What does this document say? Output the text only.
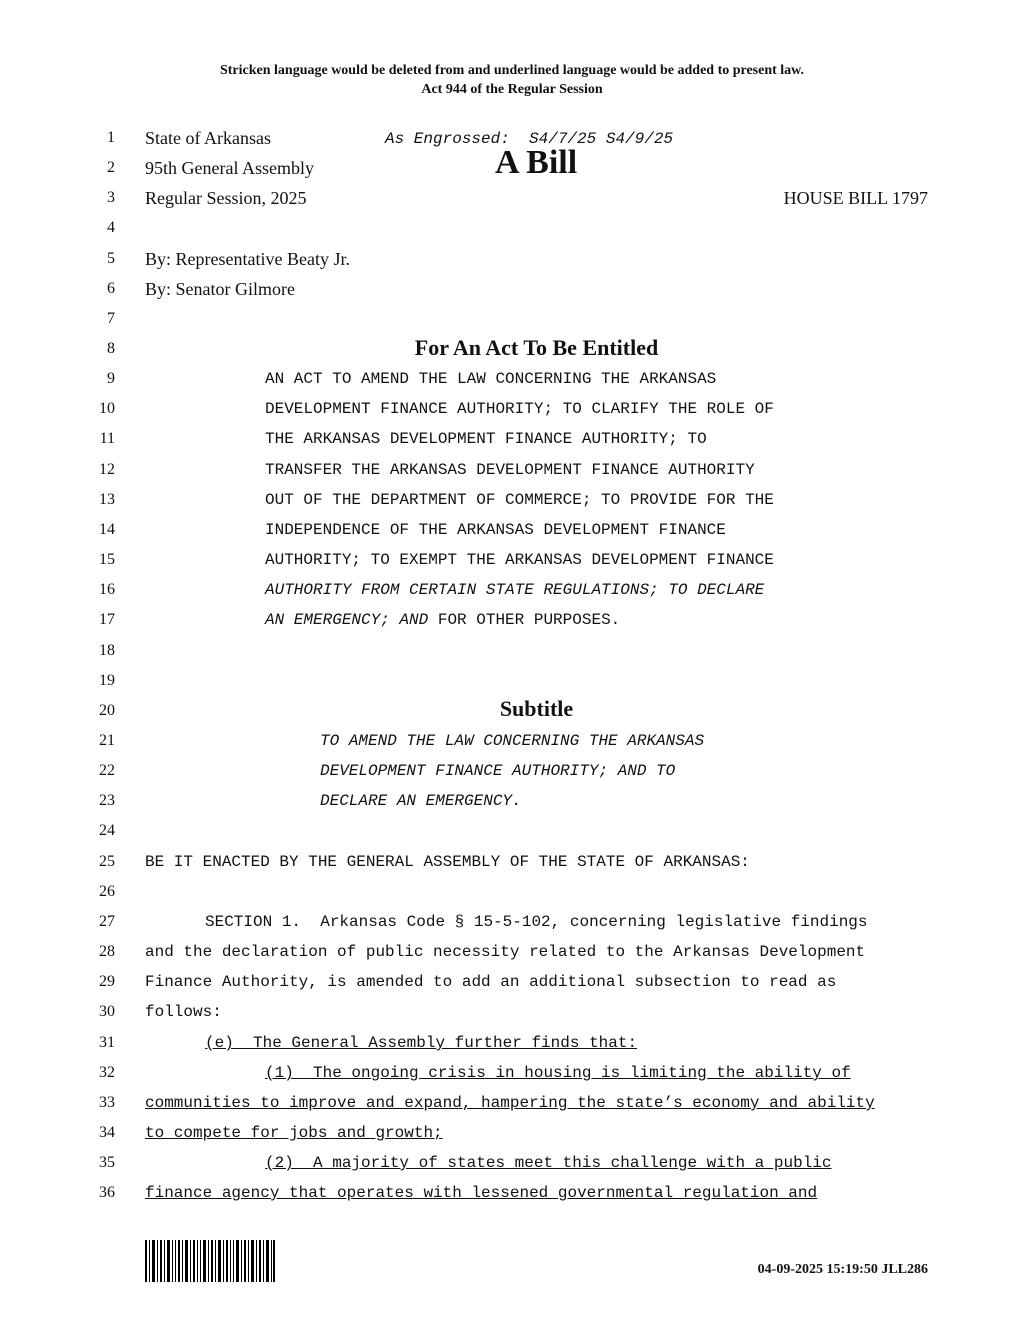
Stricken language would be deleted from and underlined language would be added to present law.
Act 944 of the Regular Session
1
2
3
4
5
6
7
8
9
10
11
12
13
14
15
16
17
18
19
20
21
22
23
24
25
26
27
28
29
30
31
32
33
34
35
36
State of Arkansas	As Engrossed:  S4/7/25 S4/9/25
95th General Assembly	A Bill
Regular Session, 2025	HOUSE BILL 1797
By: Representative Beaty Jr.
By: Senator Gilmore
For An Act To Be Entitled
AN ACT TO AMEND THE LAW CONCERNING THE ARKANSAS
DEVELOPMENT FINANCE AUTHORITY; TO CLARIFY THE ROLE OF
THE ARKANSAS DEVELOPMENT FINANCE AUTHORITY; TO
TRANSFER THE ARKANSAS DEVELOPMENT FINANCE AUTHORITY
OUT OF THE DEPARTMENT OF COMMERCE; TO PROVIDE FOR THE
INDEPENDENCE OF THE ARKANSAS DEVELOPMENT FINANCE
AUTHORITY; TO EXEMPT THE ARKANSAS DEVELOPMENT FINANCE
AUTHORITY FROM CERTAIN STATE REGULATIONS; TO DECLARE
AN EMERGENCY; AND FOR OTHER PURPOSES.
Subtitle
TO AMEND THE LAW CONCERNING THE ARKANSAS
DEVELOPMENT FINANCE AUTHORITY; AND TO
DECLARE AN EMERGENCY.
BE IT ENACTED BY THE GENERAL ASSEMBLY OF THE STATE OF ARKANSAS:
SECTION 1.  Arkansas Code § 15-5-102, concerning legislative findings
and the declaration of public necessity related to the Arkansas Development
Finance Authority, is amended to add an additional subsection to read as
follows:
(e)  The General Assembly further finds that:
(1)  The ongoing crisis in housing is limiting the ability of
communities to improve and expand, hampering the state’s economy and ability
to compete for jobs and growth;
(2)  A majority of states meet this challenge with a public
finance agency that operates with lessened governmental regulation and
04-09-2025 15:19:50 JLL286
